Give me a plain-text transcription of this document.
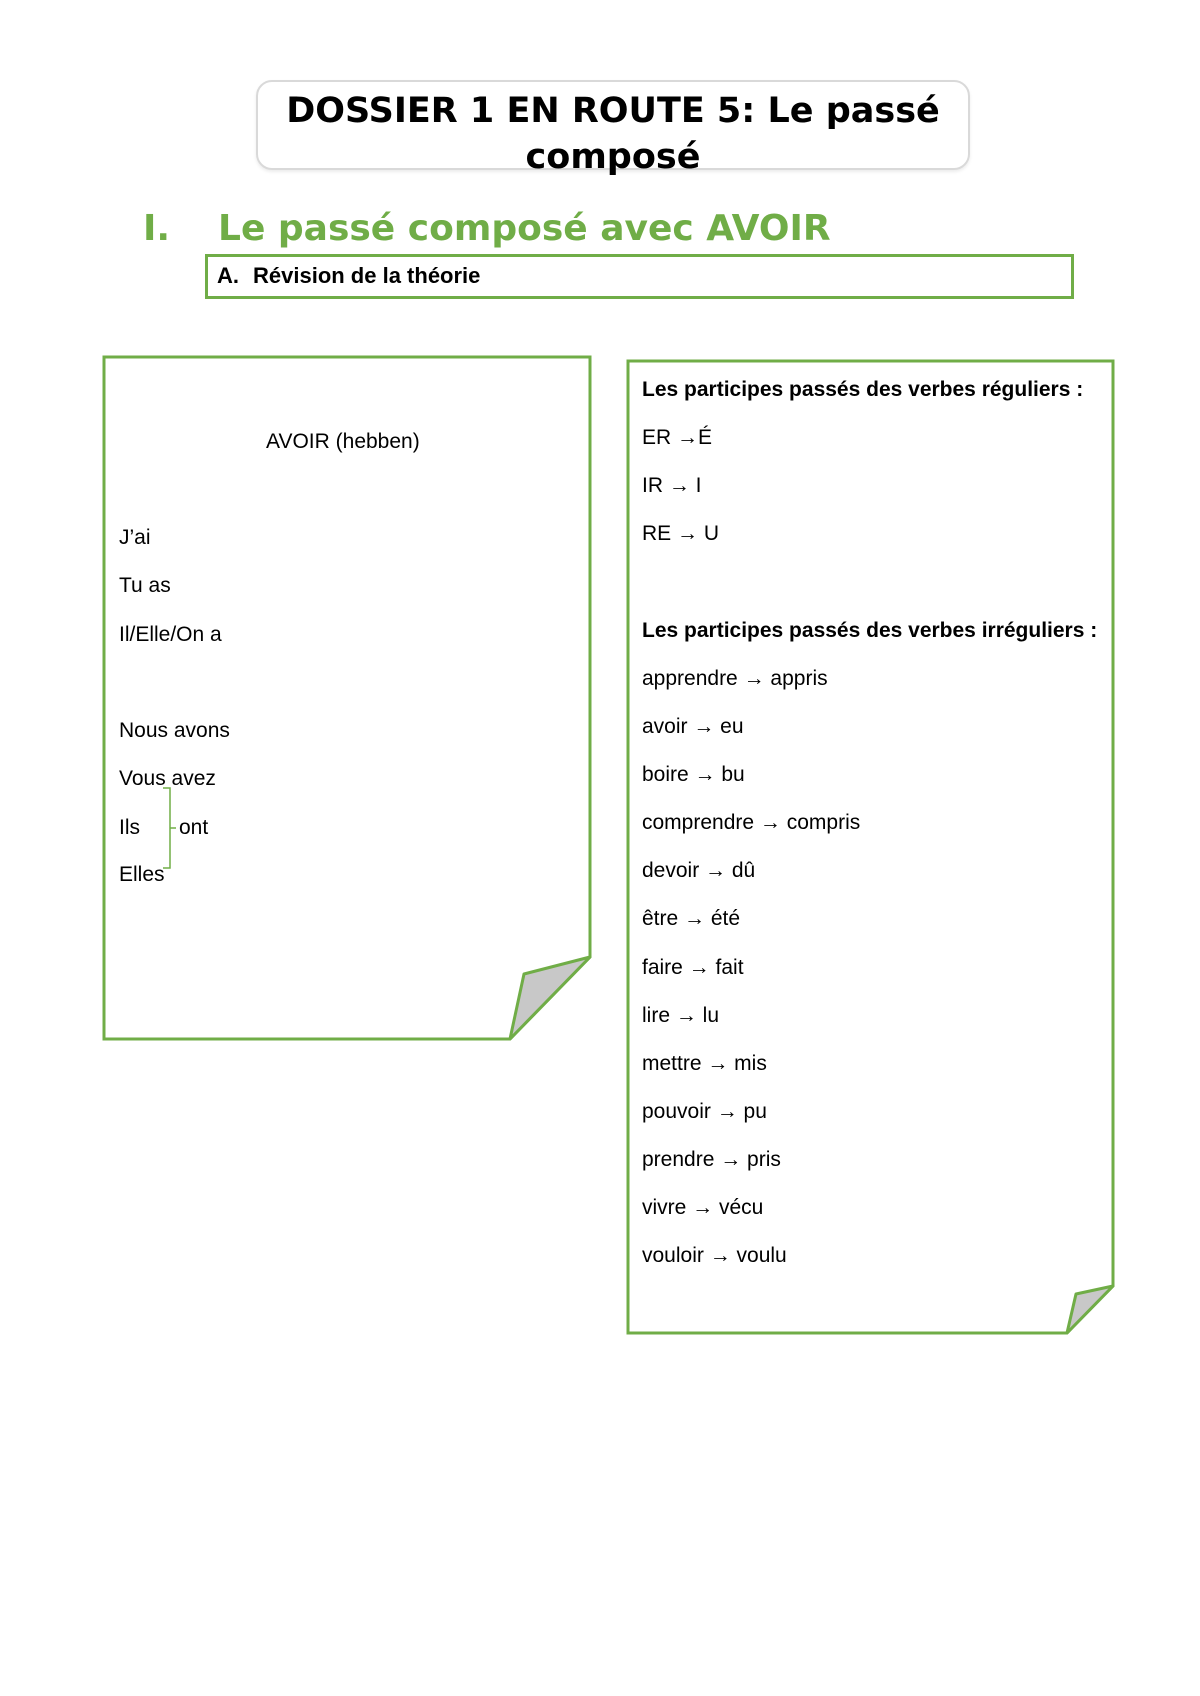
DOSSIER 1 EN ROUTE 5: Le passé composé
I. Le passé composé avec AVOIR
A. Révision de la théorie
AVOIR (hebben)
J’ai
Tu as
Il/Elle/On a
Nous avons
Vous avez
Ils ont
Elles
Les participes passés des verbes réguliers :
ER →É
IR → I
RE → U
Les participes passés des verbes irréguliers :
apprendre → appris
avoir → eu
boire → bu
comprendre → compris
devoir → dû
être → été
faire → fait
lire → lu
mettre → mis
pouvoir → pu
prendre → pris
vivre → vécu
vouloir → voulu
